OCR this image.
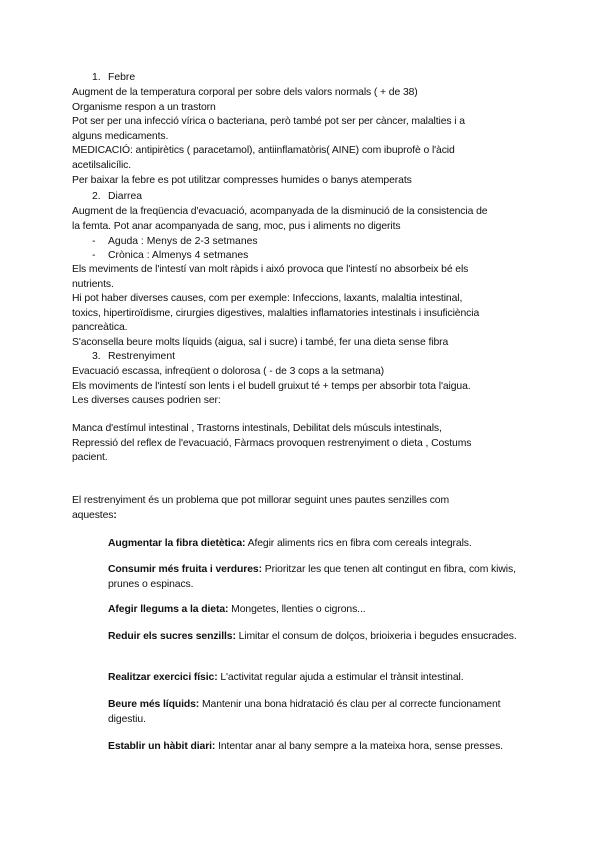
1. Febre

Augment de la temperatura corporal per sobre dels valors normals ( + de 38)

Organisme respon a un trastorn

Pot ser per una infecció vírica o bacteriana, però també pot ser per càncer, malalties i a

alguns medicaments.

MEDICACIÓ: antipirètics ( paracetamol), antiinflamatòris( AINE) com ibuprofè o l'àcid

acetilsalicílic.

Per baixar la febre es pot utilitzar compresses humides o banys atemperats

2. Diarrea

Augment de la freqüencia d'evacuació, acompanyada de la disminució de la consistencia de

la femta. Pot anar acompanyada de sang, moc, pus i aliments no digerits

- Aguda : Menys de 2-3 setmanes
- Crònica : Almenys 4 setmanes

Els meviments de l'intestí van molt ràpids i aixó provoca que l'intestí no absorbeix bé els

nutrients.

Hi pot haber diverses causes, com per exemple: Infeccions, laxants, malaltia intestinal,

toxics, hipertiroïdisme, cirurgies digestives, malalties inflamatories intestinals i insuficiència

pancreàtica.

S'aconsella beure molts líquids (aigua, sal i sucre) i també, fer una dieta sense fibra

3. Restrenyiment

Evacuació escassa, infreqüent o dolorosa ( - de 3 cops a la setmana)

Els moviments de l'intestí son lents i el budell gruixut té + temps per absorbir tota l'aigua.

Les diverses causes podrien ser:

Manca d'estímul intestinal , Trastorns intestinals, Debilitat dels músculs intestinals,

Repressió del reflex de l'evacuació, Fàrmacs provoquen restrenyiment o dieta , Costums

pacient.

El restrenyiment és un problema que pot millorar seguint unes pautes senzilles com

aquestes:

Augmentar la fibra dietètica: Afegir aliments rics en fibra com cereals integrals.
Consumir més fruita i verdures: Prioritzar les que tenen alt contingut en fibra, com kiwis, prunes o espinacs.
Afegir llegums a la dieta: Mongetes, llenties o cigrons...
Reduir els sucres senzills: Limitar el consum de dolços, brioixeria i begudes ensucrades.
Realitzar exercici físic: L'activitat regular ajuda a estimular el trànsit intestinal.
Beure més líquids: Mantenir una bona hidratació és clau per al correcte funcionament digestiu.
Establir un hàbit diari: Intentar anar al bany sempre a la mateixa hora, sense presses.
